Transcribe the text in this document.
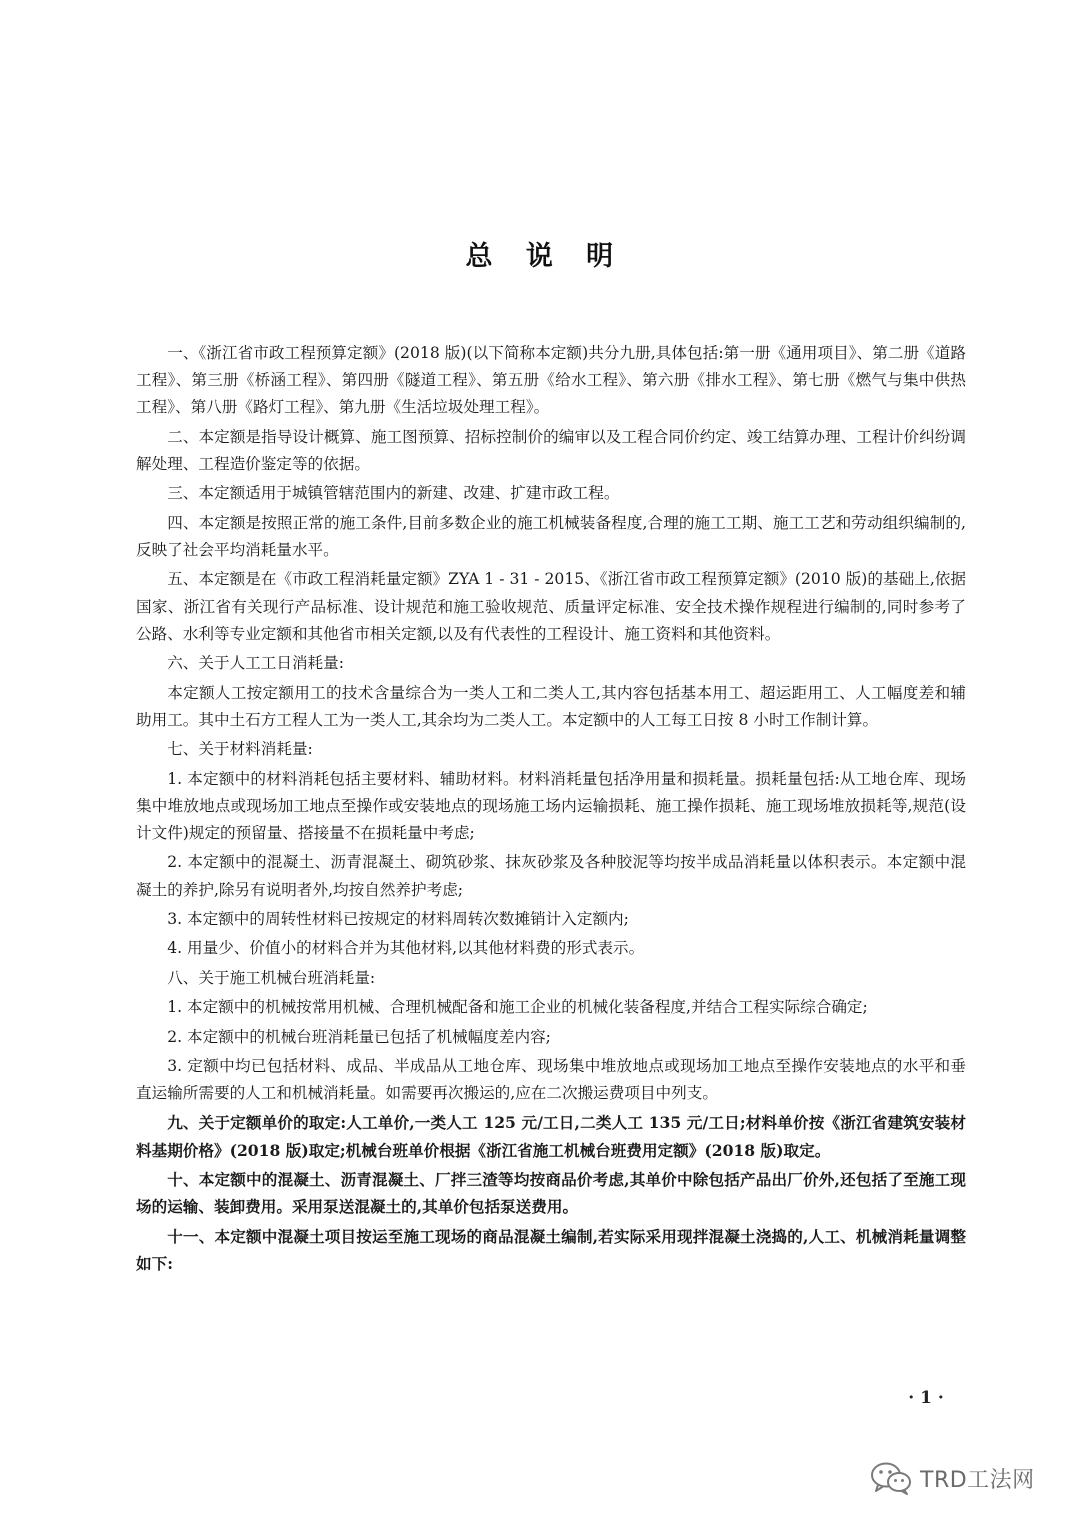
总 说 明

一、《浙江省市政工程预算定额》(2018 版)(以下简称本定额)共分九册,具体包括:第一册《通用项目》、第二册《道路工程》、第三册《桥涵工程》、第四册《隧道工程》、第五册《给水工程》、第六册《排水工程》、第七册《燃气与集中供热工程》、第八册《路灯工程》、第九册《生活垃圾处理工程》。

二、本定额是指导设计概算、施工图预算、招标控制价的编审以及工程合同价约定、竣工结算办理、工程计价纠纷调解处理、工程造价鉴定等的依据。

三、本定额适用于城镇管辖范围内的新建、改建、扩建市政工程。

四、本定额是按照正常的施工条件,目前多数企业的施工机械装备程度,合理的施工工期、施工工艺和劳动组织编制的,反映了社会平均消耗量水平。

五、本定额是在《市政工程消耗量定额》ZYA 1 - 31 - 2015、《浙江省市政工程预算定额》(2010 版)的基础上,依据国家、浙江省有关现行产品标准、设计规范和施工验收规范、质量评定标准、安全技术操作规程进行编制的,同时参考了公路、水利等专业定额和其他省市相关定额,以及有代表性的工程设计、施工资料和其他资料。

六、关于人工工日消耗量:

本定额人工按定额用工的技术含量综合为一类人工和二类人工,其内容包括基本用工、超运距用工、人工幅度差和辅助用工。其中土石方工程人工为一类人工,其余均为二类人工。本定额中的人工每工日按 8 小时工作制计算。

七、关于材料消耗量:

1. 本定额中的材料消耗包括主要材料、辅助材料。材料消耗量包括净用量和损耗量。损耗量包括:从工地仓库、现场集中堆放地点或现场加工地点至操作或安装地点的现场施工场内运输损耗、施工操作损耗、施工现场堆放损耗等,规范(设计文件)规定的预留量、搭接量不在损耗量中考虑;

2. 本定额中的混凝土、沥青混凝土、砌筑砂浆、抹灰砂浆及各种胶泥等均按半成品消耗量以体积表示。本定额中混凝土的养护,除另有说明者外,均按自然养护考虑;

3. 本定额中的周转性材料已按规定的材料周转次数摊销计入定额内;

4. 用量少、价值小的材料合并为其他材料,以其他材料费的形式表示。

八、关于施工机械台班消耗量:

1. 本定额中的机械按常用机械、合理机械配备和施工企业的机械化装备程度,并结合工程实际综合确定;

2. 本定额中的机械台班消耗量已包括了机械幅度差内容;

3. 定额中均已包括材料、成品、半成品从工地仓库、现场集中堆放地点或现场加工地点至操作安装地点的水平和垂直运输所需要的人工和机械消耗量。如需要再次搬运的,应在二次搬运费项目中列支。

九、关于定额单价的取定:人工单价,一类人工 125 元/工日,二类人工 135 元/工日;材料单价按《浙江省建筑安装材料基期价格》(2018 版)取定;机械台班单价根据《浙江省施工机械台班费用定额》(2018 版)取定。

十、本定额中的混凝土、沥青混凝土、厂拌三渣等均按商品价考虑,其单价中除包括产品出厂价外,还包括了至施工现场的运输、装卸费用。采用泵送混凝土的,其单价包括泵送费用。

十一、本定额中混凝土项目按运至施工现场的商品混凝土编制,若实际采用现拌混凝土浇捣的,人工、机械消耗量调整如下:

· 1 ·
TRD工法网
